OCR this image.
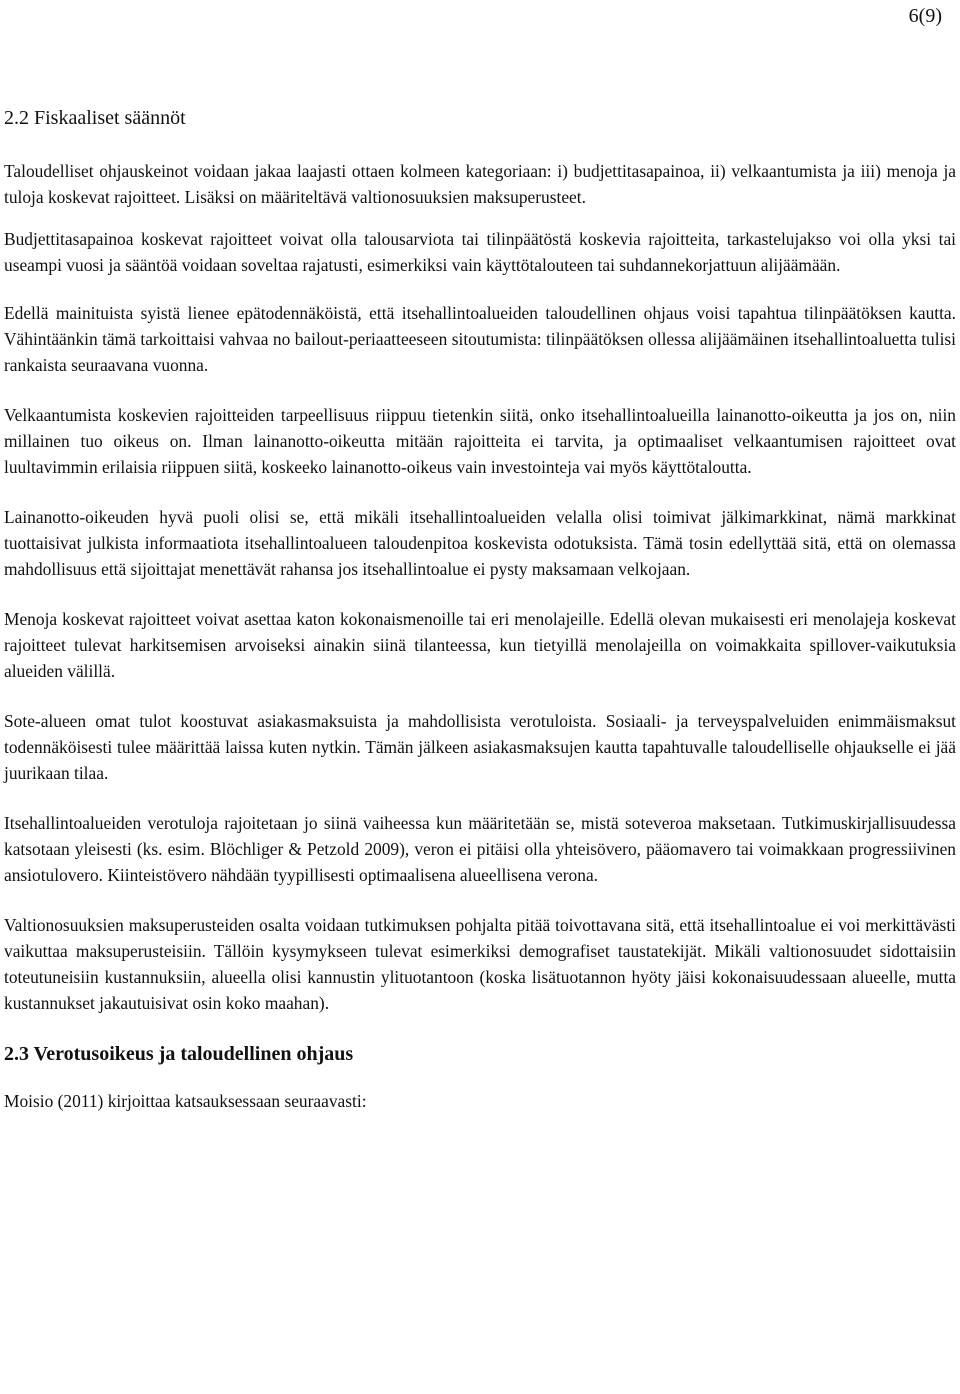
6(9)
2.2 Fiskaaliset säännöt

Taloudelliset ohjauskeinot voidaan jakaa laajasti ottaen kolmeen kategoriaan: i) budjettitasapainoa, ii) velkaantumista ja iii) menoja ja tuloja koskevat rajoitteet. Lisäksi on määriteltävä valtionosuuksien maksuperusteet.

Budjettitasapainoa koskevat rajoitteet voivat olla talousarviota tai tilinpäätöstä koskevia rajoitteita, tarkastelujakso voi olla yksi tai useampi vuosi ja sääntöä voidaan soveltaa rajatusti, esimerkiksi vain käyttötalouteen tai suhdannekorjattuun alijäämään.

Edellä mainituista syistä lienee epätodennäköistä, että itsehallintoalueiden taloudellinen ohjaus voisi tapahtua tilinpäätöksen kautta. Vähintäänkin tämä tarkoittaisi vahvaa no bailout-periaatteeseen sitoutumista: tilinpäätöksen ollessa alijäämäinen itsehallintoaluetta tulisi rankaista seuraavana vuonna.

Velkaantumista koskevien rajoitteiden tarpeellisuus riippuu tietenkin siitä, onko itsehallintoalueilla lainanotto-oikeutta ja jos on, niin millainen tuo oikeus on. Ilman lainanotto-oikeutta mitään rajoitteita ei tarvita, ja optimaaliset velkaantumisen rajoitteet ovat luultavimmin erilaisia riippuen siitä, koskeeko lainanotto-oikeus vain investointeja vai myös käyttötaloutta.

Lainanotto-oikeuden hyvä puoli olisi se, että mikäli itsehallintoalueiden velalla olisi toimivat jälkimarkkinat, nämä markkinat tuottaisivat julkista informaatiota itsehallintoalueen taloudenpitoa koskevista odotuksista. Tämä tosin edellyttää sitä, että on olemassa mahdollisuus että sijoittajat menettävät rahansa jos itsehallintoalue ei pysty maksamaan velkojaan.

Menoja koskevat rajoitteet voivat asettaa katon kokonaismenoille tai eri menolajeille. Edellä olevan mukaisesti eri menolajeja koskevat rajoitteet tulevat harkitsemisen arvoiseksi ainakin siinä tilanteessa, kun tietyillä menolajeilla on voimakkaita spillover-vaikutuksia alueiden välillä.

Sote-alueen omat tulot koostuvat asiakasmaksuista ja mahdollisista verotuloista. Sosiaali- ja terveyspalveluiden enimmäismaksut todennäköisesti tulee määrittää laissa kuten nytkin. Tämän jälkeen asiakasmaksujen kautta tapahtuvalle taloudelliselle ohjaukselle ei jää juurikaan tilaa.

Itsehallintoalueiden verotuloja rajoitetaan jo siinä vaiheessa kun määritetään se, mistä soteveroa maksetaan. Tutkimuskirjallisuudessa katsotaan yleisesti (ks. esim. Blöchliger & Petzold 2009), veron ei pitäisi olla yhteisövero, pääomavero tai voimakkaan progressiivinen ansiotulovero. Kiinteistövero nähdään tyypillisesti optimaalisena alueellisena verona.

Valtionosuuksien maksuperusteiden osalta voidaan tutkimuksen pohjalta pitää toivottavana sitä, että itsehallintoalue ei voi merkittävästi vaikuttaa maksuperusteisiin. Tällöin kysymykseen tulevat esimerkiksi demografiset taustatekijät. Mikäli valtionosuudet sidottaisiin toteutuneisiin kustannuksiin, alueella olisi kannustin ylituotantoon (koska lisätuotannon hyöty jäisi kokonaisuudessaan alueelle, mutta kustannukset jakautuisivat osin koko maahan).

2.3 Verotusoikeus ja taloudellinen ohjaus

Moisio (2011) kirjoittaa katsauksessaan seuraavasti:
